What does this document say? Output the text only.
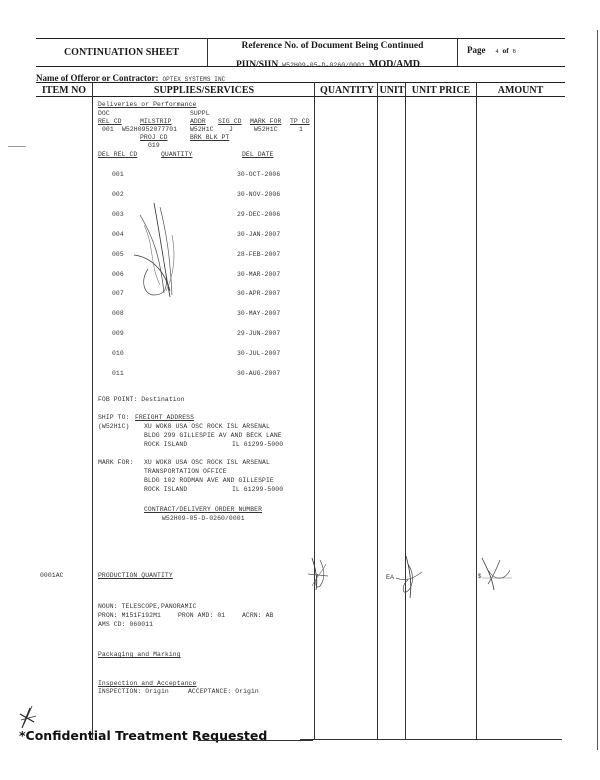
CONTINUATION SHEET
Reference No. of Document Being Continued
PIIN/SIIN W52H09-05-D-0260/0001 MOD/AMD
Page 4 of 8
Name of Offeror or Contractor: OPTEX SYSTEMS INC
ITEM NO	SUPPLIES/SERVICES	QUANTITY UNIT UNIT PRICE	AMOUNT
Deliveries or Performance
DOC	SUPPL
REL CD	MILSTRIP	ADDR SIG CD MARK FOR TP CD
001 W52H0952077701 W52H1C J	W52H1C	1
PROJ CD	BRK BLK PT
G19
DEL REL CD	QUANTITY	DEL DATE
001	30-OCT-2006
002	30-NOV-2006
003	29-DEC-2006
004	30-JAN-2007
005	28-FEB-2007
006	30-MAR-2007
007	30-APR-2007
008	30-MAY-2007
009	29-JUN-2007
010	30-JUL-2007
011	30-AUG-2007
FOB POINT: Destination
SHIP TO: FREIGHT ADDRESS
(W52H1C) XU WOK8 USA OSC ROCK ISL ARSENAL
BLDG 299 GILLESPIE AV AND BECK LANE
ROCK ISLAND	IL 61299-5000
MARK FOR: XU WOK8 USA OSC ROCK ISL ARSENAL
TRANSPORTATION OFFICE
BLDG 102 RODMAN AVE AND GILLESPIE
ROCK ISLAND	IL 61299-5000
CONTRACT/DELIVERY ORDER NUMBER
W52H09-05-D-0260/0001
0001AC	PRODUCTION QUANTITY	EA	$
NOUN: TELESCOPE,PANORAMIC
PRON: M151F192M1	PRON AMD: 01	ACRN: AB
AMS CD: 060011
Packaging and Marking
Inspection and Acceptance
INSPECTION: Origin	ACCEPTANCE: Origin
*Confidential Treatment Requested
